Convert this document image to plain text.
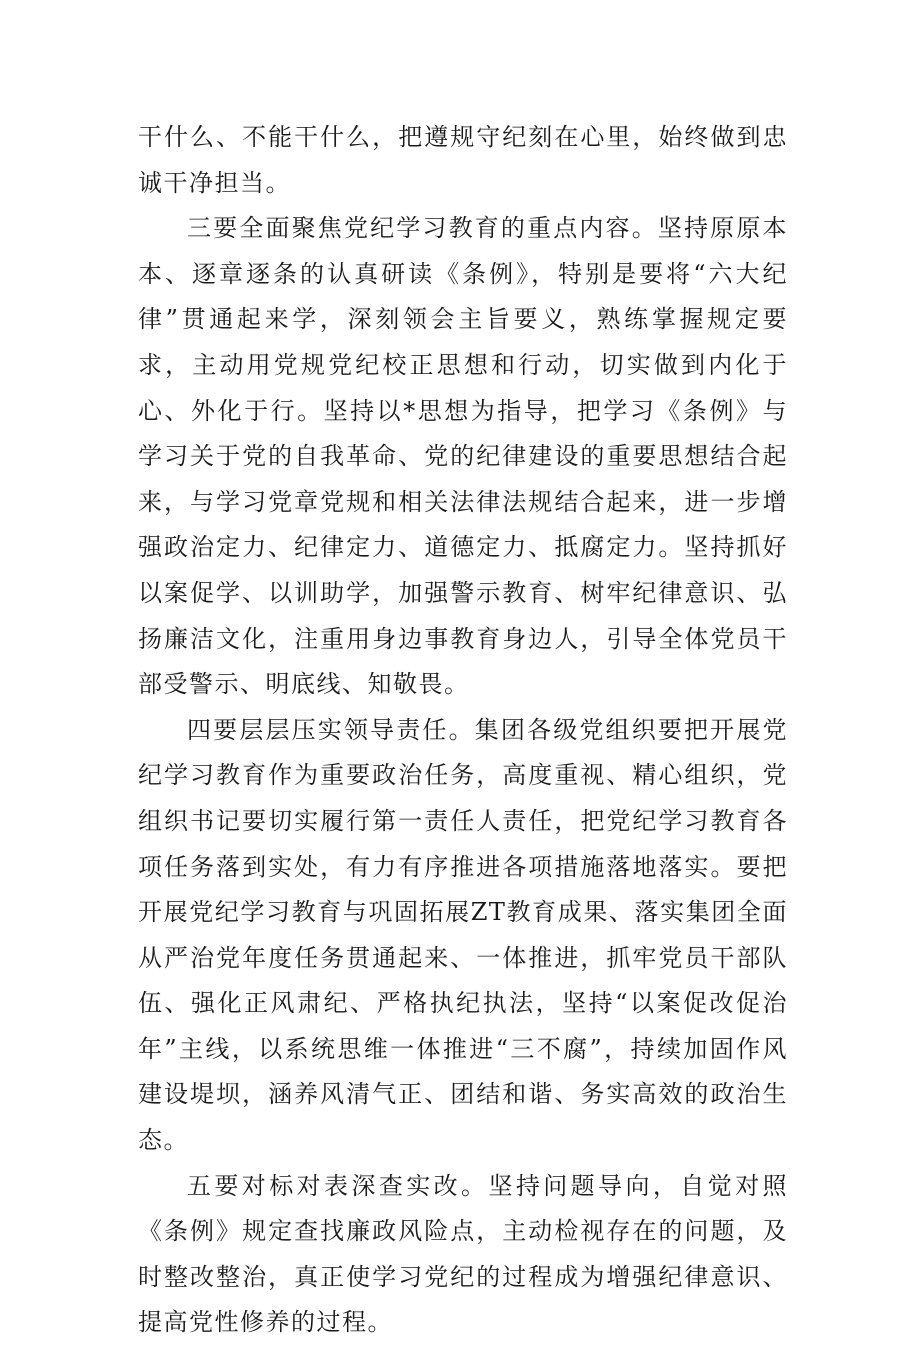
干什么、不能干什么，把遵规守纪刻在心里，始终做到忠诚干净担当。

三要全面聚焦党纪学习教育的重点内容。坚持原原本本、逐章逐条的认真研读《条例》，特别是要将“六大纪律”贯通起来学，深刻领会主旨要义，熟练掌握规定要求，主动用党规党纪校正思想和行动，切实做到内化于心、外化于行。坚持以*思想为指导，把学习《条例》与学习关于党的自我革命、党的纪律建设的重要思想结合起来，与学习党章党规和相关法律法规结合起来，进一步增强政治定力、纪律定力、道德定力、抵腐定力。坚持抓好以案促学、以训助学，加强警示教育、树牢纪律意识、弘扬廉洁文化，注重用身边事教育身边人，引导全体党员干部受警示、明底线、知敬畏。

四要层层压实领导责任。集团各级党组织要把开展党纪学习教育作为重要政治任务，高度重视、精心组织，党组织书记要切实履行第一责任人责任，把党纪学习教育各项任务落到实处，有力有序推进各项措施落地落实。要把开展党纪学习教育与巩固拓展ZT教育成果、落实集团全面从严治党年度任务贯通起来、一体推进，抓牢党员干部队伍、强化正风肃纪、严格执纪执法，坚持“以案促改促治年”主线，以系统思维一体推进“三不腐”，持续加固作风建设堤坝，涵养风清气正、团结和谐、务实高效的政治生态。

五要对标对表深查实改。坚持问题导向，自觉对照《条例》规定查找廉政风险点，主动检视存在的问题，及时整改整治，真正使学习党纪的过程成为增强纪律意识、提高党性修养的过程。
